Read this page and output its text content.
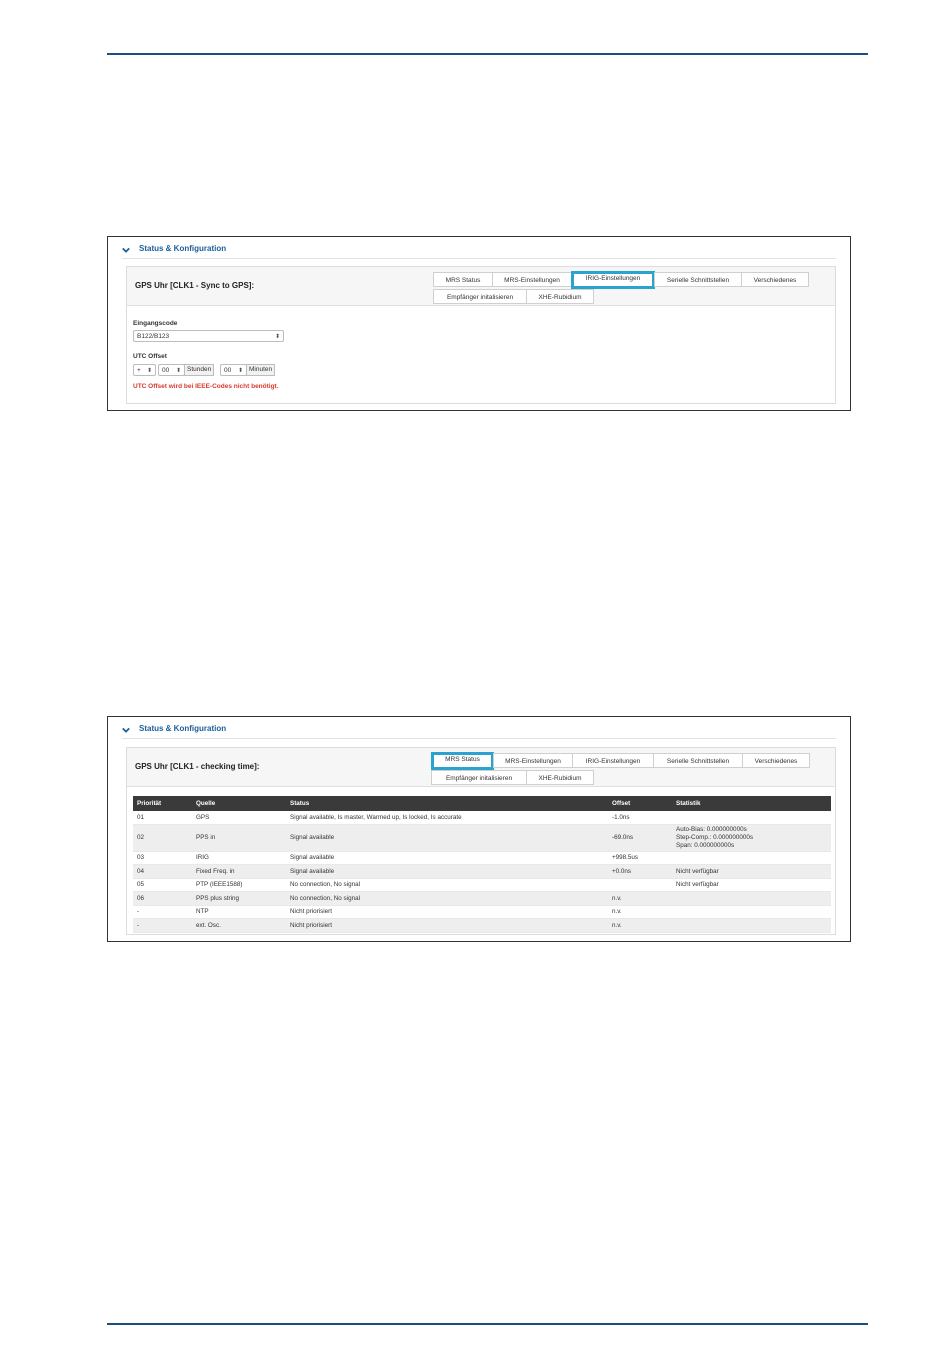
Status & Konfiguration
GPS Uhr [CLK1 - Sync to GPS]:
MRS Status	MRS-Einstellungen	IRIG-Einstellungen	Serielle Schnittstellen	Verschiedenes
Empfänger initalisieren	XHE-Rubidium
Eingangscode
B122/B123	⬍
UTC Offset
+ ⬍	00 ⬍ Stunden	00 ⬍ Minuten
UTC Offset wird bei IEEE-Codes nicht benötigt.
Status & Konfiguration
GPS Uhr [CLK1 - checking time]:
MRS Status	MRS-Einstellungen	IRIG-Einstellungen	Serielle Schnittstellen	Verschiedenes
Empfänger initalisieren	XHE-Rubidium
Priorität	Quelle	Status	Offset	Statistik
01	GPS	Signal available, Is master, Warmed up, Is locked, Is accurate	-1.0ns	
02	PPS in	Signal available	-69.0ns	Auto-Bias: 0.000000000s
Step-Comp.: 0.000000000s
Span: 0.000000000s

03	IRIG	Signal available	+998.5us	
04	Fixed Freq. in	Signal available	+0.0ns	Nicht verfügbar
05	PTP (IEEE1588)	No connection, No signal		Nicht verfügbar
06	PPS plus string	No connection, No signal	n.v.	
-	NTP	Nicht priorisiert	n.v.	
-	ext. Osc.	Nicht priorisiert	n.v.	
